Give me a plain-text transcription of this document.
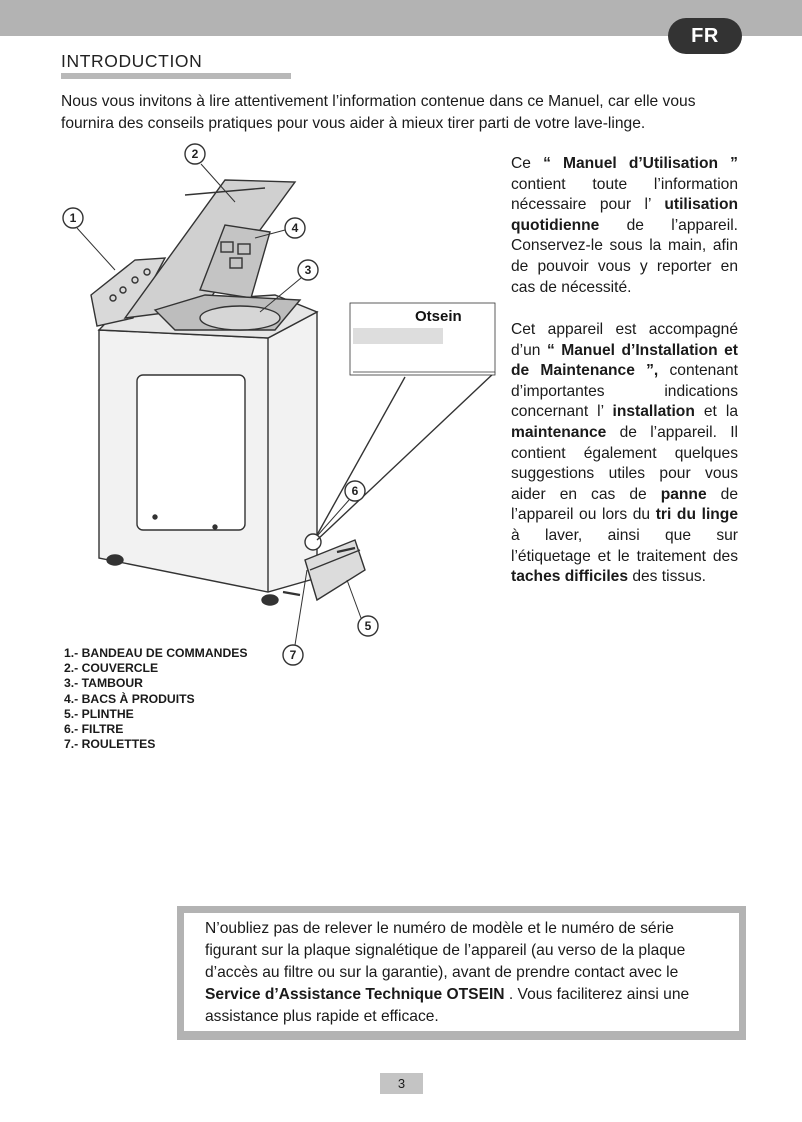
FR
INTRODUCTION
Nous vous invitons à lire attentivement l’information contenue dans ce Manuel, car elle vous fournira des conseils pratiques pour vous aider à mieux tirer parti de votre lave-linge.
Otsein
1
2
3
4
5
6
7
Ce “ Manuel d’Utilisation ” contient toute l’information nécessaire pour l’ utilisation quotidienne de l’appareil. Conservez-le sous la main, afin de pouvoir vous y reporter en cas de nécessité.
Cet appareil est accompagné d’un “ Manuel d’Installation et de Maintenance ”, contenant d’importantes indications concernant l’ installation et la maintenance de l’appareil. Il contient également quelques suggestions utiles pour vous aider en cas de panne de l’appareil ou lors du tri du linge à laver, ainsi que sur l’étiquetage et le traitement des taches difficiles des tissus.
1.- BANDEAU DE COMMANDES
2.- COUVERCLE
3.- TAMBOUR
4.- BACS À PRODUITS
5.- PLINTHE
6.- FILTRE
7.- ROULETTES
N’oubliez pas de relever le numéro de modèle et le numéro de série figurant sur la plaque signalétique de l’appareil (au verso de la plaque d’accès au filtre ou sur la garantie), avant de prendre contact avec le Service d’Assistance Technique OTSEIN . Vous faciliterez ainsi une assistance plus rapide et efficace.
3
